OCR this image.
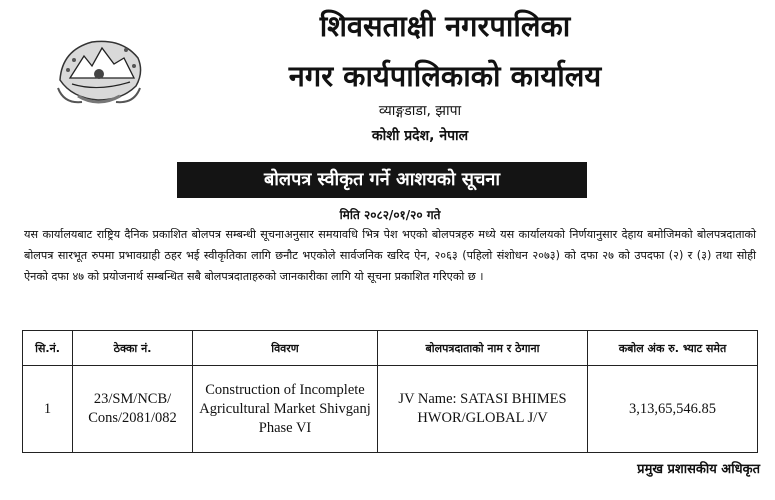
शिवसताक्षी नगरपालिका
नगर कार्यपालिकाको कार्यालय
व्याङ्गडाडा, झापा
कोशी प्रदेश, नेपाल
बोलपत्र स्वीकृत गर्ने आशयको सूचना
मिति २०८२/०१/२० गते
यस कार्यालयबाट राष्ट्रिय दैनिक प्रकाशित बोलपत्र सम्बन्धी सूचनाअनुसार समयावधि भित्र पेश भएको बोलपत्रहरु मध्ये यस कार्यालयको निर्णयानुसार देहाय बमोजिमको बोलपत्रदाताको बोलपत्र सारभूत रुपमा प्रभावग्राही ठहर भई स्वीकृतिका लागि छनौट भएकोले सार्वजनिक खरिद ऐन, २०६३ (पहिलो संशोधन २०७३) को दफा २७ को उपदफा (२) र (३) तथा सोही ऐनको दफा ४७ को प्रयोजनार्थ सम्बन्धित सबै बोलपत्रदाताहरुको जानकारीका लागि यो सूचना प्रकाशित गरिएको छ ।
सि.नं.	ठेक्का नं.	विवरण	बोलपत्रदाताको नाम र ठेगाना	कबोल अंक रु. भ्याट समेत
1	23/SM/NCB/ Cons/2081/082	Construction of Incomplete Agricultural Market Shivganj Phase VI	JV Name: SATASI BHIMES HWOR/GLOBAL J/V	3,13,65,546.85
प्रमुख प्रशासकीय अधिकृत
